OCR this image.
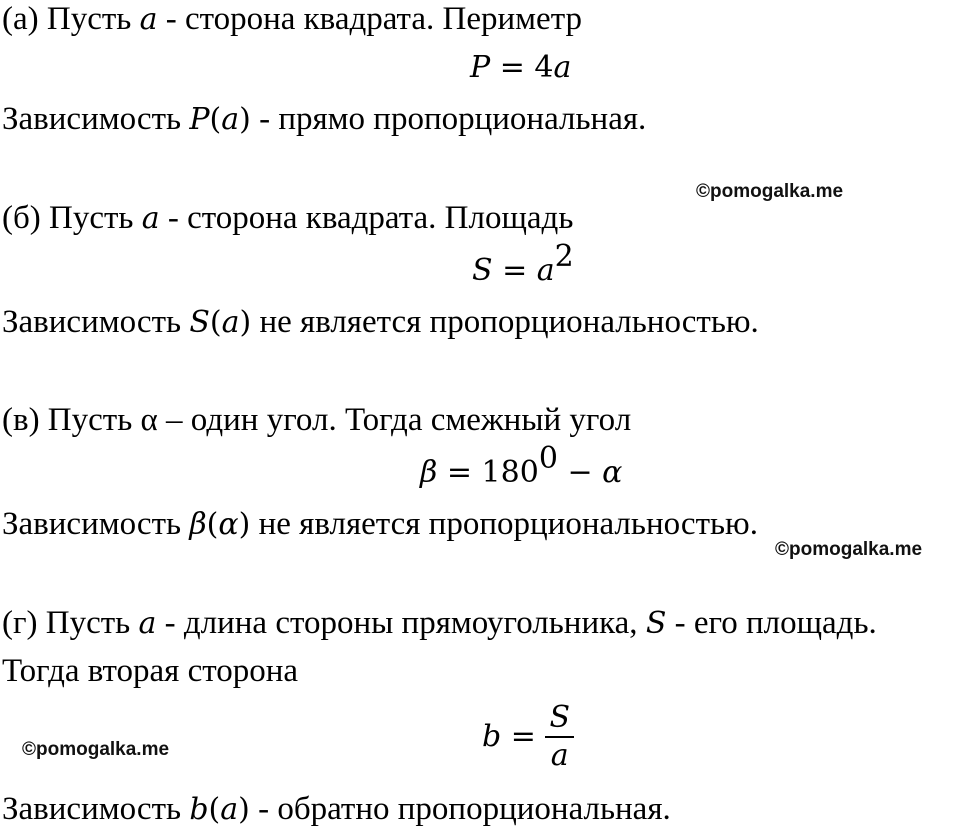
(а) Пусть a - сторона квадрата. Периметр
P = 4a
Зависимость P(a) - прямо пропорциональная.
©pomogalka.me
(б) Пусть a - сторона квадрата. Площадь
$S = a^2$
Зависимость S(a) не является пропорциональностью.
(в) Пусть α – один угол. Тогда смежный угол
$\beta = 180^0 - \alpha$
Зависимость β(α) не является пропорциональностью.
©pomogalka.me
(г) Пусть a - длина стороны прямоугольника, S - его площадь.
Тогда вторая сторона
$b = \frac{S}{a}$
©pomogalka.me
Зависимость b(a) - обратно пропорциональная.
